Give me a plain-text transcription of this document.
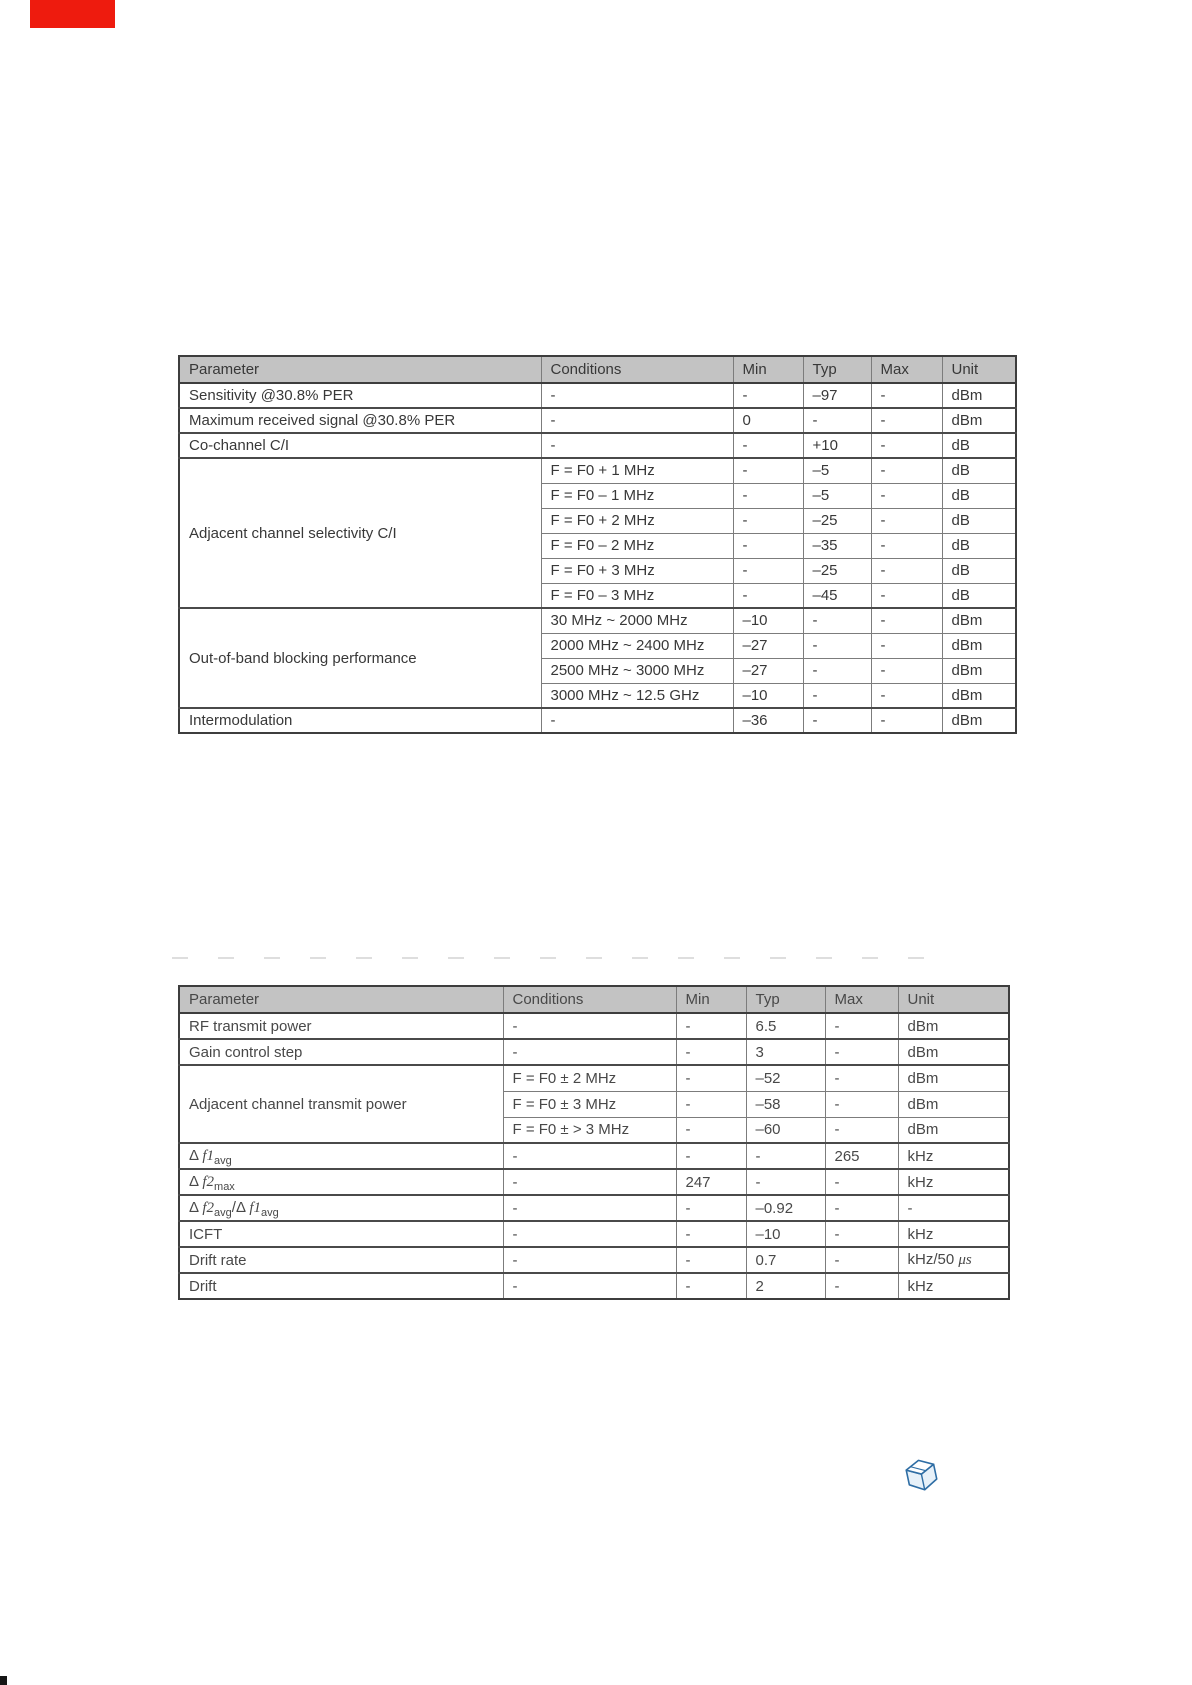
Parameter	Conditions	Min	Typ	Max	Unit
Sensitivity @30.8% PER	-	-	–97	-	dBm
Maximum received signal @30.8% PER	-	0	-	-	dBm
Co-channel C/I	-	-	+10	-	dB
Adjacent channel selectivity C/I	F = F0 + 1 MHz	-	–5	-	dB
	F = F0 – 1 MHz	-	–5	-	dB
	F = F0 + 2 MHz	-	–25	-	dB
	F = F0 – 2 MHz	-	–35	-	dB
	F = F0 + 3 MHz	-	–25	-	dB
	F = F0 – 3 MHz	-	–45	-	dB
Out-of-band blocking performance	30 MHz ~ 2000 MHz	–10	-	-	dBm
	2000 MHz ~ 2400 MHz	–27	-	-	dBm
	2500 MHz ~ 3000 MHz	–27	-	-	dBm
	3000 MHz ~ 12.5 GHz	–10	-	-	dBm
Intermodulation	-	–36	-	-	dBm
Parameter	Conditions	Min	Typ	Max	Unit
RF transmit power	-	-	6.5	-	dBm
Gain control step	-	-	3	-	dBm
Adjacent channel transmit power	F = F0 ± 2 MHz	-	–52	-	dBm
	F = F0 ± 3 MHz	-	–58	-	dBm
	F = F0 ± > 3 MHz	-	–60	-	dBm
Δ $f1_{avg}$	-	-	-	265	kHz
Δ $f2_{max}$	-	247	-	-	kHz
Δ $f2_{avg}/\Delta$ $f1_{avg}$	-	-	–0.92	-	-
ICFT	-	-	–10	-	kHz
Drift rate	-	-	0.7	-	kHz/50 μs
Drift	-	-	2	-	kHz
